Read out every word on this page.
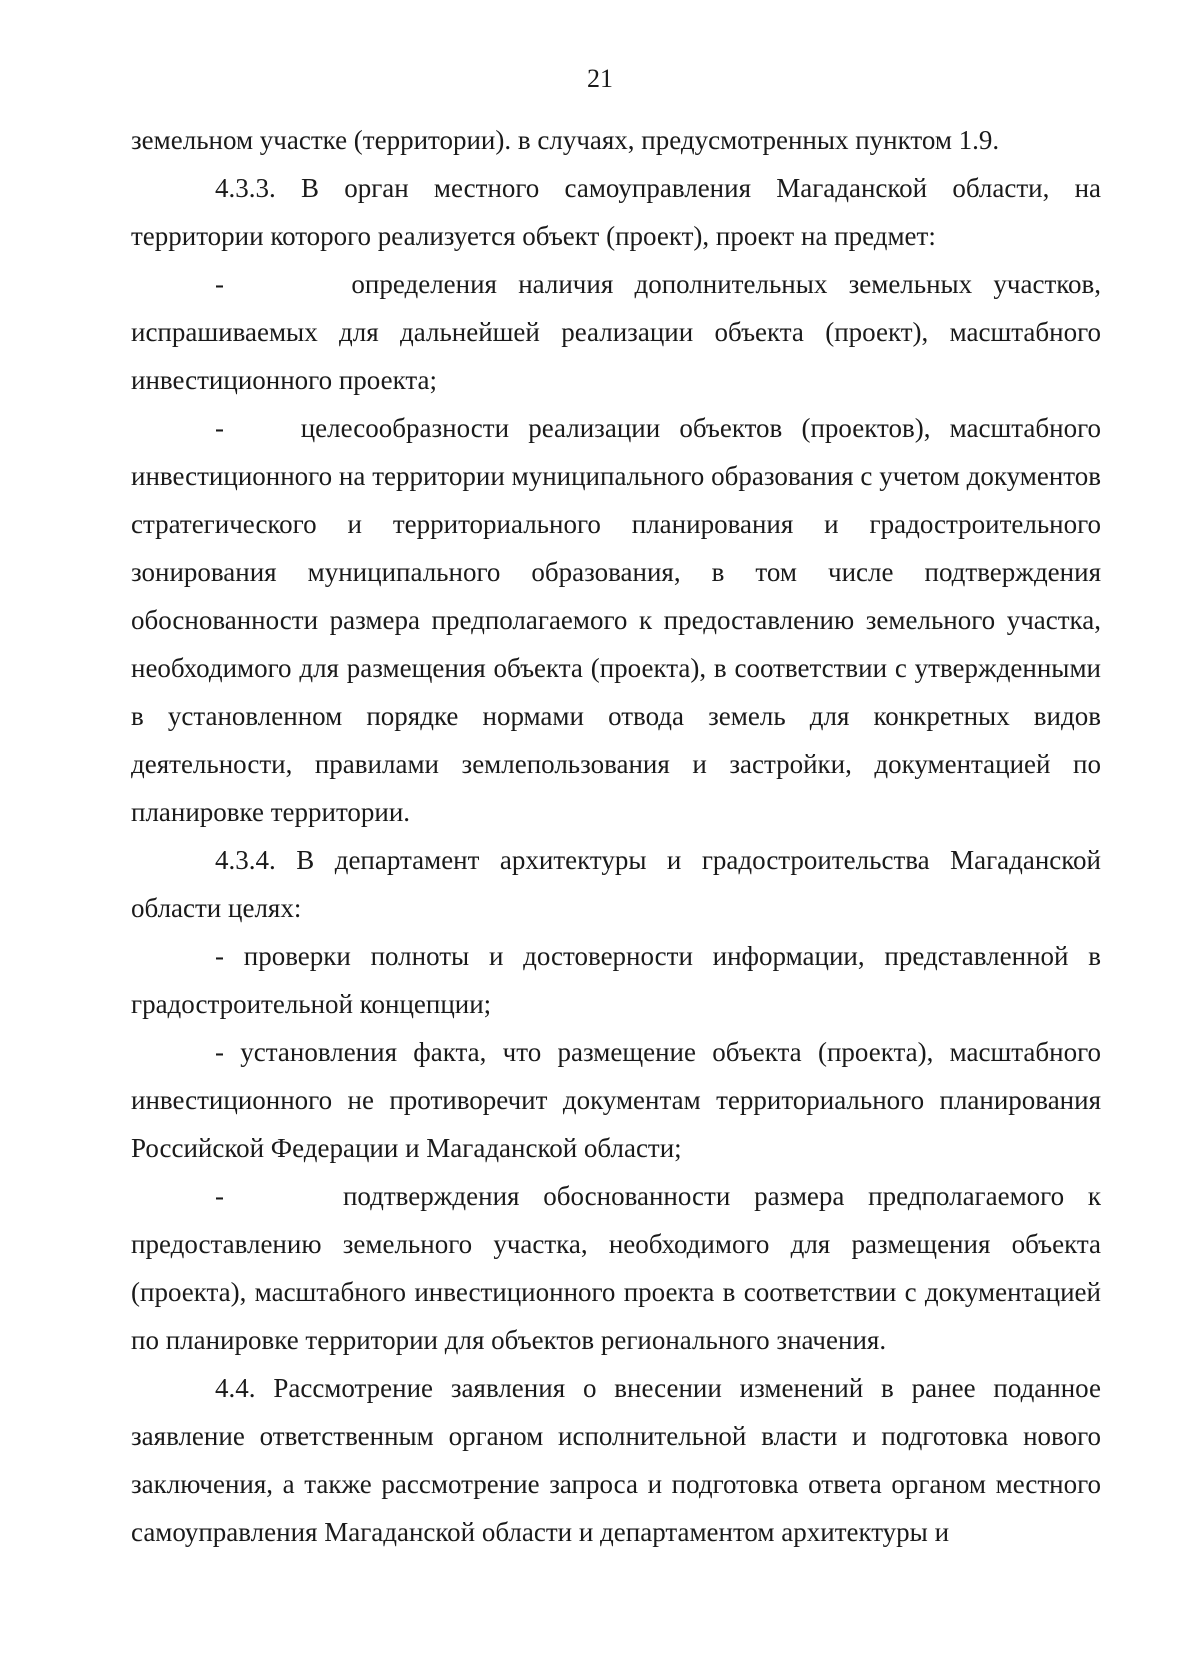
21

земельном участке (территории). в случаях, предусмотренных пунктом 1.9.

4.3.3. В орган местного самоуправления Магаданской области, на территории которого реализуется объект (проект), проект на предмет:

-      определения наличия дополнительных земельных участков, испрашиваемых для дальнейшей реализации объекта (проект), масштабного инвестиционного проекта;

-    целесообразности реализации объектов (проектов), масштабного инвестиционного на территории муниципального образования с учетом документов стратегического и территориального планирования и градостроительного зонирования муниципального образования, в том числе подтверждения обоснованности размера предполагаемого к предоставлению земельного участка, необходимого для размещения объекта (проекта), в соответствии с утвержденными в установленном порядке нормами отвода земель для конкретных видов деятельности, правилами землепользования и застройки, документацией по планировке территории.

4.3.4. В департамент архитектуры и градостроительства Магаданской области целях:

- проверки полноты и достоверности информации, представленной в градостроительной концепции;

- установления факта, что размещение объекта (проекта), масштабного инвестиционного не противоречит документам территориального планирования Российской Федерации и Магаданской области;

-     подтверждения обоснованности размера предполагаемого к предоставлению земельного участка, необходимого для размещения объекта (проекта), масштабного инвестиционного проекта в соответствии с документацией по планировке территории для объектов регионального значения.

4.4. Рассмотрение заявления о внесении изменений в ранее поданное заявление ответственным органом исполнительной власти и подготовка нового заключения, а также рассмотрение запроса и подготовка ответа органом местного самоуправления Магаданской области и департаментом архитектуры и
